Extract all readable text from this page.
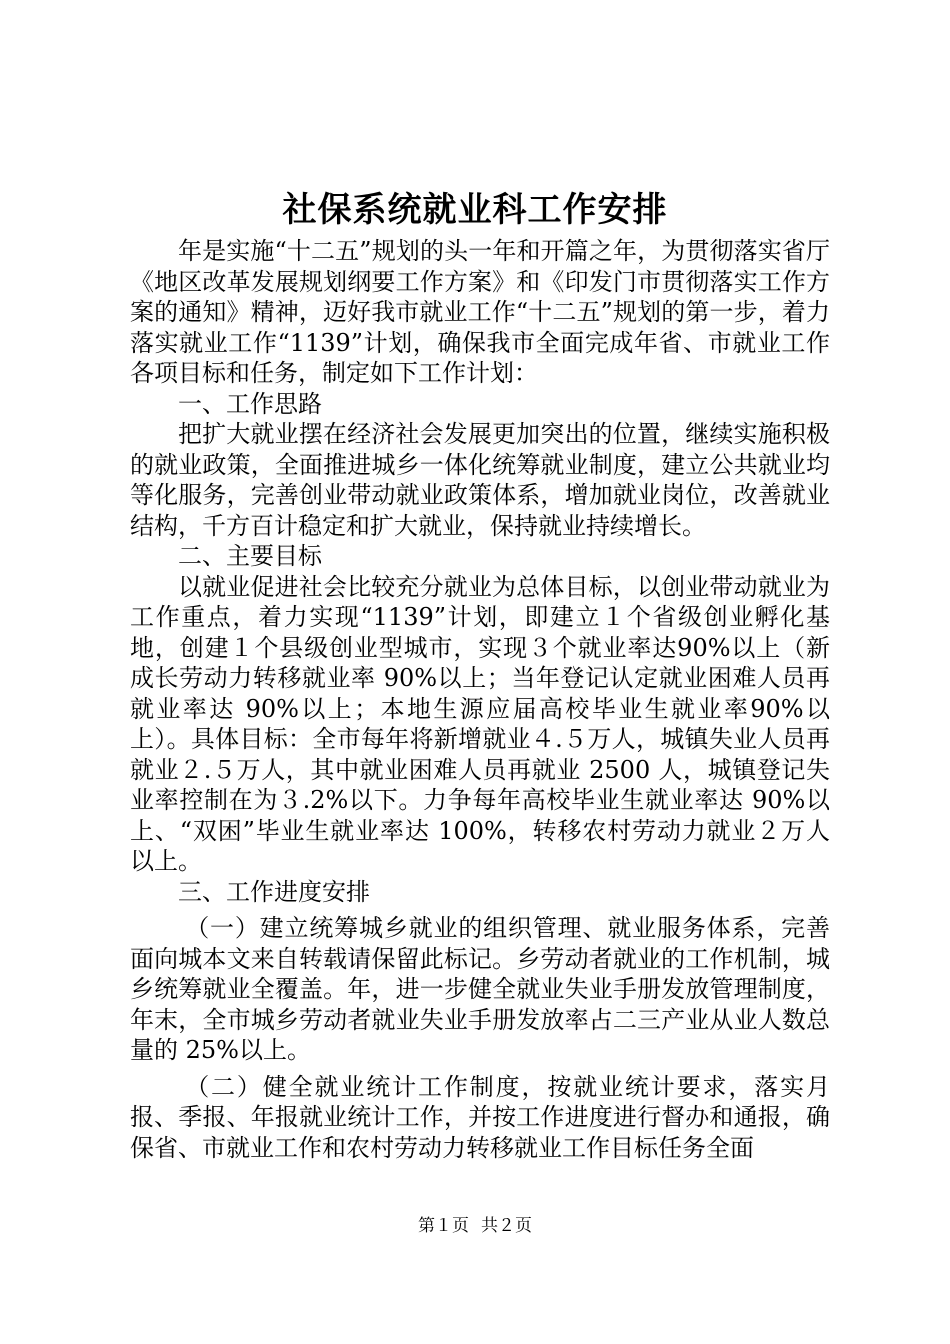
社保系统就业科工作安排

年是实施“十二五”规划的头一年和开篇之年，为贯彻落实省厅《地区改革发展规划纲要工作方案》和《印发门市贯彻落实工作方案的通知》精神，迈好我市就业工作“十二五”规划的第一步，着力落实就业工作“1139”计划，确保我市全面完成年省、市就业工作各项目标和任务，制定如下工作计划：

一、工作思路

把扩大就业摆在经济社会发展更加突出的位置，继续实施积极的就业政策，全面推进城乡一体化统筹就业制度，建立公共就业均等化服务，完善创业带动就业政策体系，增加就业岗位，改善就业结构，千方百计稳定和扩大就业，保持就业持续增长。

二、主要目标

以就业促进社会比较充分就业为总体目标，以创业带动就业为工作重点，着力实现“1139”计划，即建立１个省级创业孵化基地，创建１个县级创业型城市，实现３个就业率达90%以上（新成长劳动力转移就业率 90%以上；当年登记认定就业困难人员再就业率达 90%以上；本地生源应届高校毕业生就业率90%以上）。具体目标：全市每年将新增就业４.５万人，城镇失业人员再就业２.５万人，其中就业困难人员再就业 2500 人，城镇登记失业率控制在为３.2%以下。力争每年高校毕业生就业率达 90%以上、“双困”毕业生就业率达 100%，转移农村劳动力就业２万人以上。

三、工作进度安排

（一）建立统筹城乡就业的组织管理、就业服务体系，完善面向城本文来自转载请保留此标记。乡劳动者就业的工作机制，城乡统筹就业全覆盖。年，进一步健全就业失业手册发放管理制度，年末，全市城乡劳动者就业失业手册发放率占二三产业从业人数总量的 25%以上。

（二）健全就业统计工作制度，按就业统计要求，落实月报、季报、年报就业统计工作，并按工作进度进行督办和通报，确保省、市就业工作和农村劳动力转移就业工作目标任务全面

第１页 共２页
